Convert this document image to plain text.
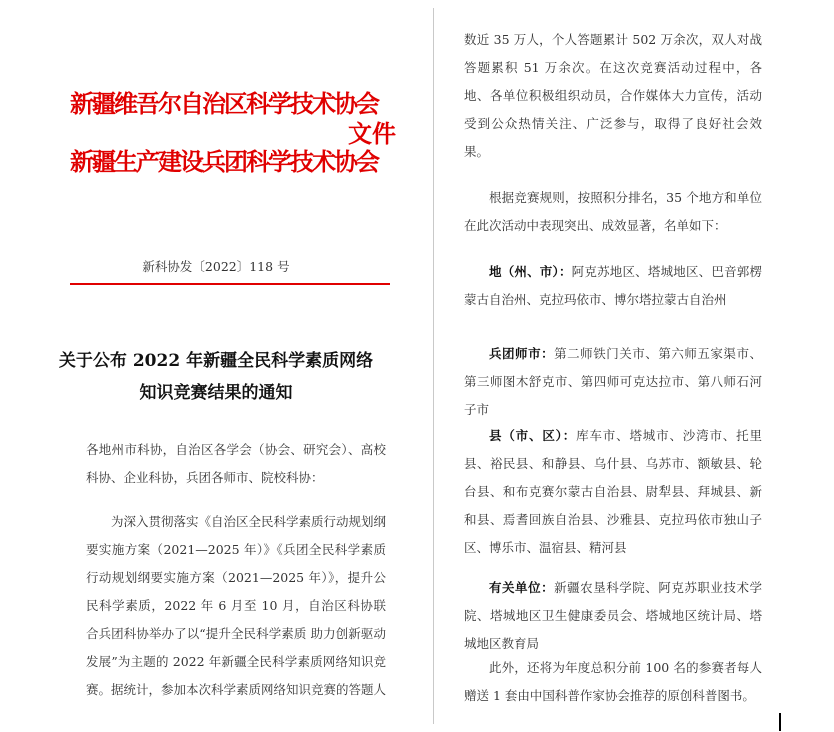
新疆维吾尔自治区科学技术协会
新疆生产建设兵团科学技术协会
文件
新科协发〔2022〕118 号
关于公布 2022 年新疆全民科学素质网络
知识竞赛结果的通知
各地州市科协，自治区各学会（协会、研究会）、高校科协、企业科协，兵团各师市、院校科协：
为深入贯彻落实《自治区全民科学素质行动规划纲要实施方案（2021—2025 年）》《兵团全民科学素质行动规划纲要实施方案（2021—2025 年）》，提升公民科学素质，2022 年 6 月至 10 月，自治区科协联合兵团科协举办了以“提升全民科学素质 助力创新驱动发展”为主题的 2022 年新疆全民科学素质网络知识竞赛。据统计，参加本次科学素质网络知识竞赛的答题人
数近 35 万人，个人答题累计 502 万余次，双人对战答题累积 51 万余次。在这次竞赛活动过程中，各地、各单位积极组织动员，合作媒体大力宣传，活动受到公众热情关注、广泛参与，取得了良好社会效果。
根据竞赛规则，按照积分排名，35 个地方和单位在此次活动中表现突出、成效显著，名单如下：
地（州、市）：阿克苏地区、塔城地区、巴音郭楞蒙古自治州、克拉玛依市、博尔塔拉蒙古自治州
兵团师市：第二师铁门关市、第六师五家渠市、第三师图木舒克市、第四师可克达拉市、第八师石河子市
县（市、区）：库车市、塔城市、沙湾市、托里县、裕民县、和静县、乌什县、乌苏市、额敏县、轮台县、和布克赛尔蒙古自治县、尉犁县、拜城县、新和县、焉耆回族自治县、沙雅县、克拉玛依市独山子区、博乐市、温宿县、精河县
有关单位：新疆农垦科学院、阿克苏职业技术学院、塔城地区卫生健康委员会、塔城地区统计局、塔城地区教育局
此外，还将为年度总积分前 100 名的参赛者每人赠送 1 套由中国科普作家协会推荐的原创科普图书。
